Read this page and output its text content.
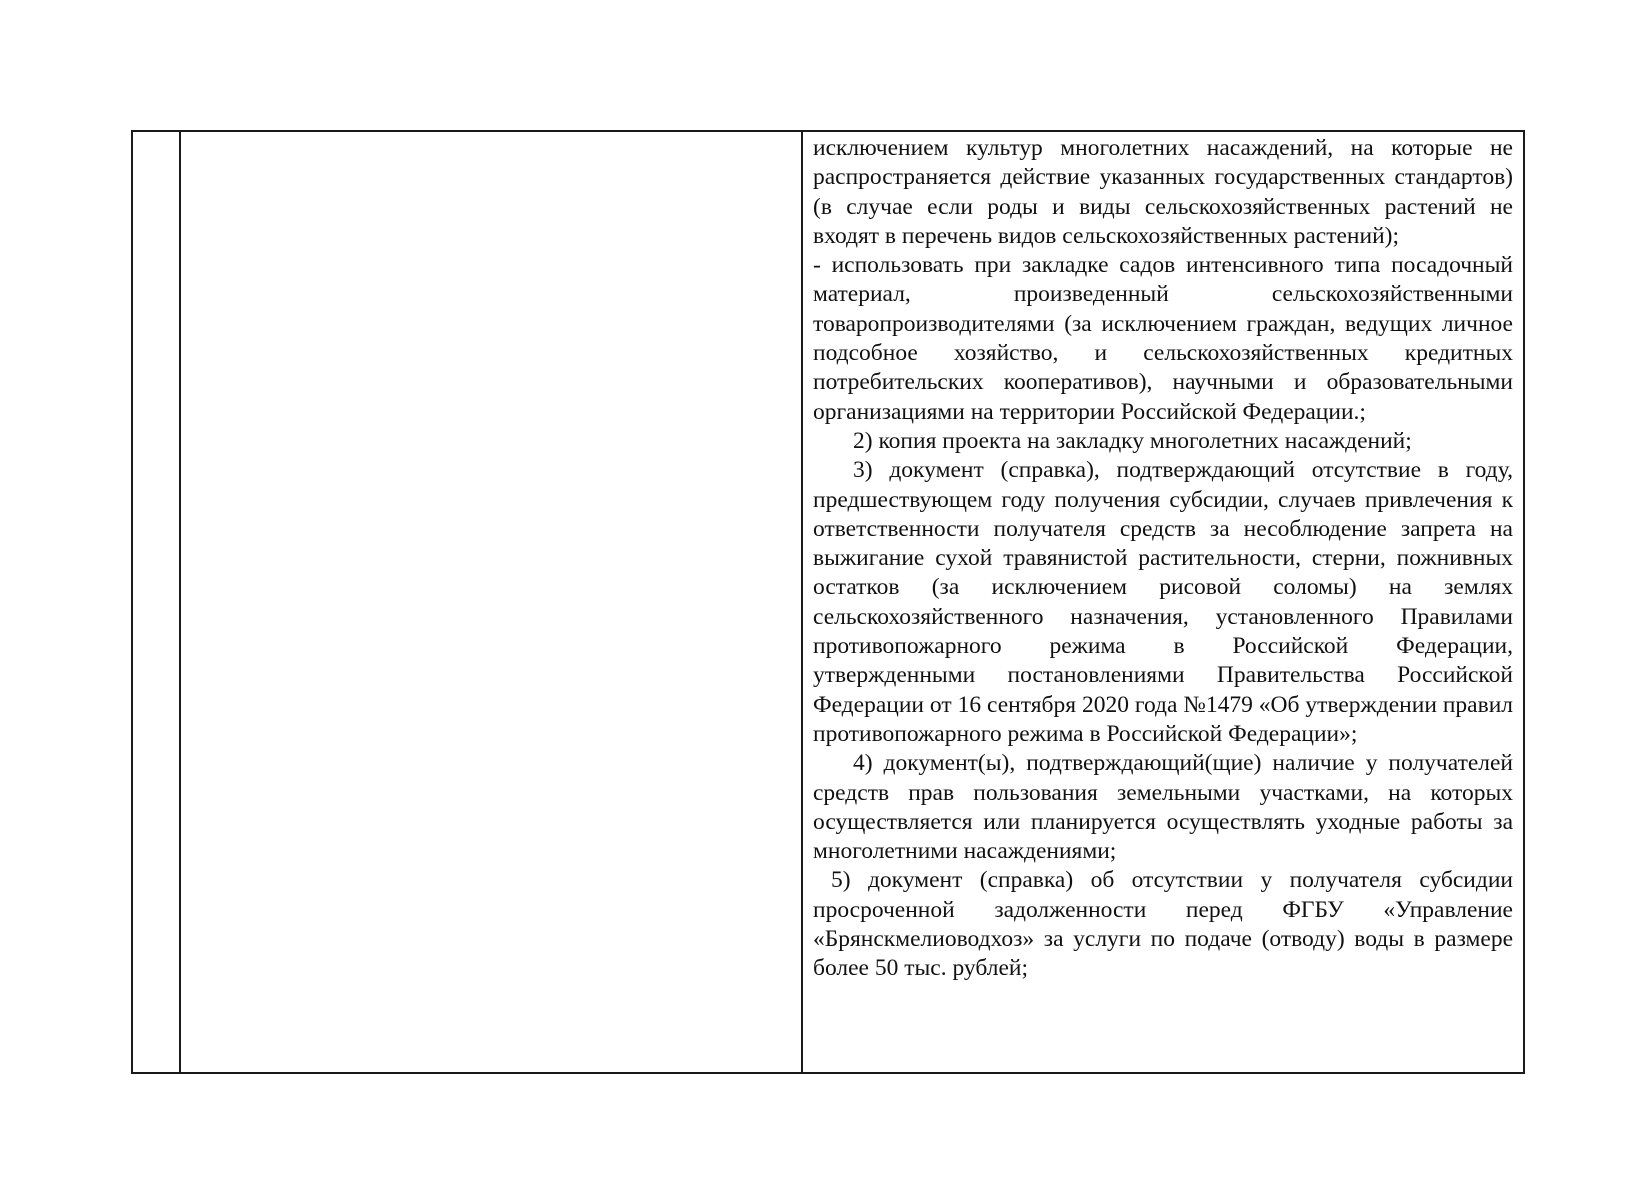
исключением культур многолетних насаждений, на которые не распространяется действие указанных государственных стандартов) (в случае если роды и виды сельскохозяйственных растений не входят в перечень видов сельскохозяйственных растений);

- использовать при закладке садов интенсивного типа посадочный материал, произведенный сельскохозяйственными товаропроизводителями (за исключением граждан, ведущих личное подсобное хозяйство, и сельскохозяйственных кредитных потребительских кооперативов), научными и образовательными организациями на территории Российской Федерации.;

2) копия проекта на закладку многолетних насаждений;

3) документ (справка), подтверждающий отсутствие в году, предшествующем году получения субсидии, случаев привлечения к ответственности получателя средств за несоблюдение запрета на выжигание сухой травянистой растительности, стерни, пожнивных остатков (за исключением рисовой соломы) на землях сельскохозяйственного назначения, установленного Правилами противопожарного режима в Российской Федерации, утвержденными постановлениями Правительства Российской Федерации от 16 сентября 2020 года №1479 «Об утверждении правил противопожарного режима в Российской Федерации»;

4) документ(ы), подтверждающий(щие) наличие у получателей средств прав пользования земельными участками, на которых осуществляется или планируется осуществлять уходные работы за многолетними насаждениями;

5) документ (справка) об отсутствии у получателя субсидии просроченной задолженности перед ФГБУ «Управление «Брянскмелиоводхоз» за услуги по подаче (отводу) воды в размере более 50 тыс. рублей;
